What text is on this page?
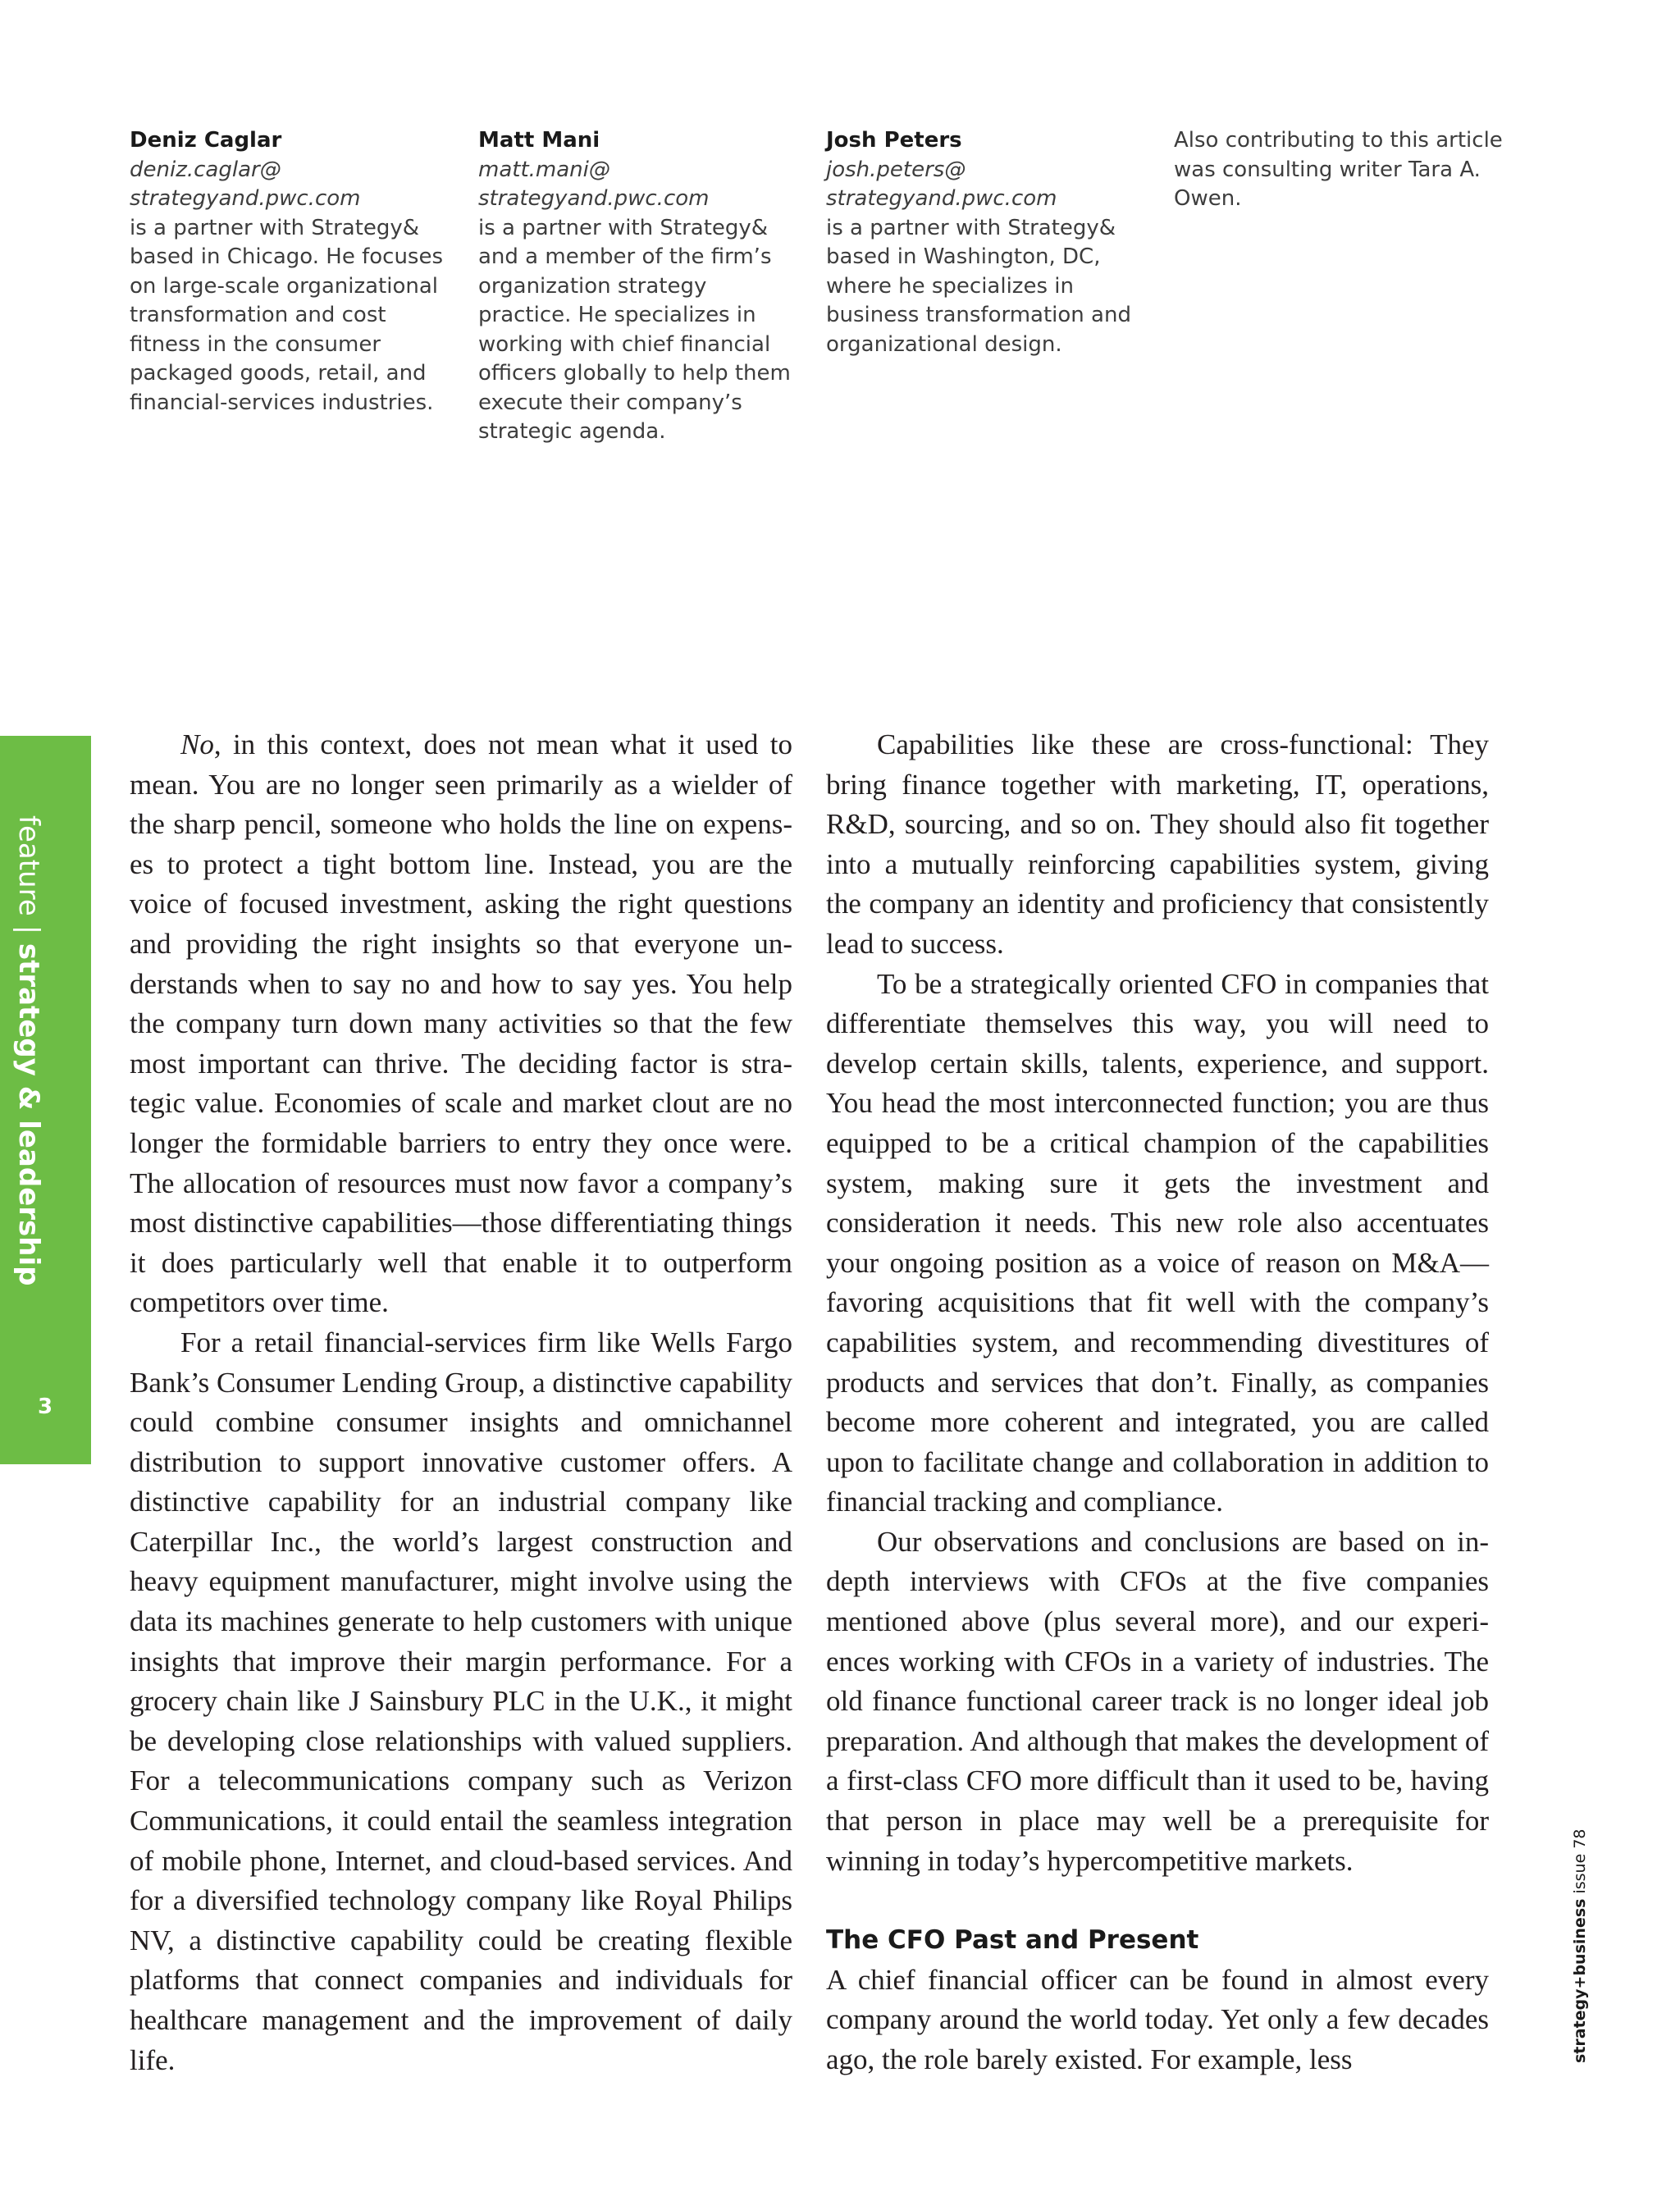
Deniz Caglar
deniz.caglar@
strategyand.pwc.com
is a partner with Strategy& based in Chicago. He focuses on large-scale organizational transformation and cost fitness in the consumer packaged goods, retail, and financial-services industries.
Matt Mani
matt.mani@
strategyand.pwc.com
is a partner with Strategy& and a member of the firm’s organization strategy practice. He specializes in working with chief financial officers globally to help them execute their company’s strategic agenda.
Josh Peters
josh.peters@
strategyand.pwc.com
is a partner with Strategy& based in Washington, DC, where he specializes in business transformation and organizational design.
Also contributing to this article was consulting writer Tara A. Owen.
feature | strategy & leadership
3

No, in this context, does not mean what it used to mean. You are no longer seen primarily as a wielder of the sharp pencil, someone who holds the line on expenses to protect a tight bottom line. Instead, you are the voice of focused investment, asking the right questions and providing the right insights so that everyone understands when to say no and how to say yes. You help the company turn down many activities so that the few most important can thrive. The deciding factor is strategic value. Economies of scale and market clout are no longer the formidable barriers to entry they once were. The allocation of resources must now favor a company’s most distinctive capabilities—those differentiating things it does particularly well that enable it to outperform competitors over time.

For a retail financial-services firm like Wells Fargo Bank’s Consumer Lending Group, a distinctive capability could combine consumer insights and omnichannel distribution to support innovative customer offers. A distinctive capability for an industrial company like Caterpillar Inc., the world’s largest construction and heavy equipment manufacturer, might involve using the data its machines generate to help customers with unique insights that improve their margin performance. For a grocery chain like J Sainsbury PLC in the U.K., it might be developing close relationships with valued suppliers. For a telecommunications company such as Verizon Communications, it could entail the seamless integration of mobile phone, Internet, and cloud-based services. And for a diversified technology company like Royal Philips NV, a distinctive capability could be creating flexible platforms that connect companies and individuals for healthcare management and the improvement of daily life.

Capabilities like these are cross-functional: They bring finance together with marketing, IT, operations, R&D, sourcing, and so on. They should also fit together into a mutually reinforcing capabilities system, giving the company an identity and proficiency that consistently lead to success.

To be a strategically oriented CFO in companies that differentiate themselves this way, you will need to develop certain skills, talents, experience, and support. You head the most interconnected function; you are thus equipped to be a critical champion of the capabilities system, making sure it gets the investment and consideration it needs. This new role also accentuates your ongoing position as a voice of reason on M&A—favoring acquisitions that fit well with the company’s capabilities system, and recommending divestitures of products and services that don’t. Finally, as companies become more coherent and integrated, you are called upon to facilitate change and collaboration in addition to financial tracking and compliance.

Our observations and conclusions are based on in-depth interviews with CFOs at the five companies mentioned above (plus several more), and our experiences working with CFOs in a variety of industries. The old finance functional career track is no longer ideal job preparation. And although that makes the development of a first-class CFO more difficult than it used to be, having that person in place may well be a prerequisite for winning in today’s hypercompetitive markets.

The CFO Past and Present

A chief financial officer can be found in almost every company around the world today. Yet only a few decades ago, the role barely existed. For example, less	strategy+business issue 78
